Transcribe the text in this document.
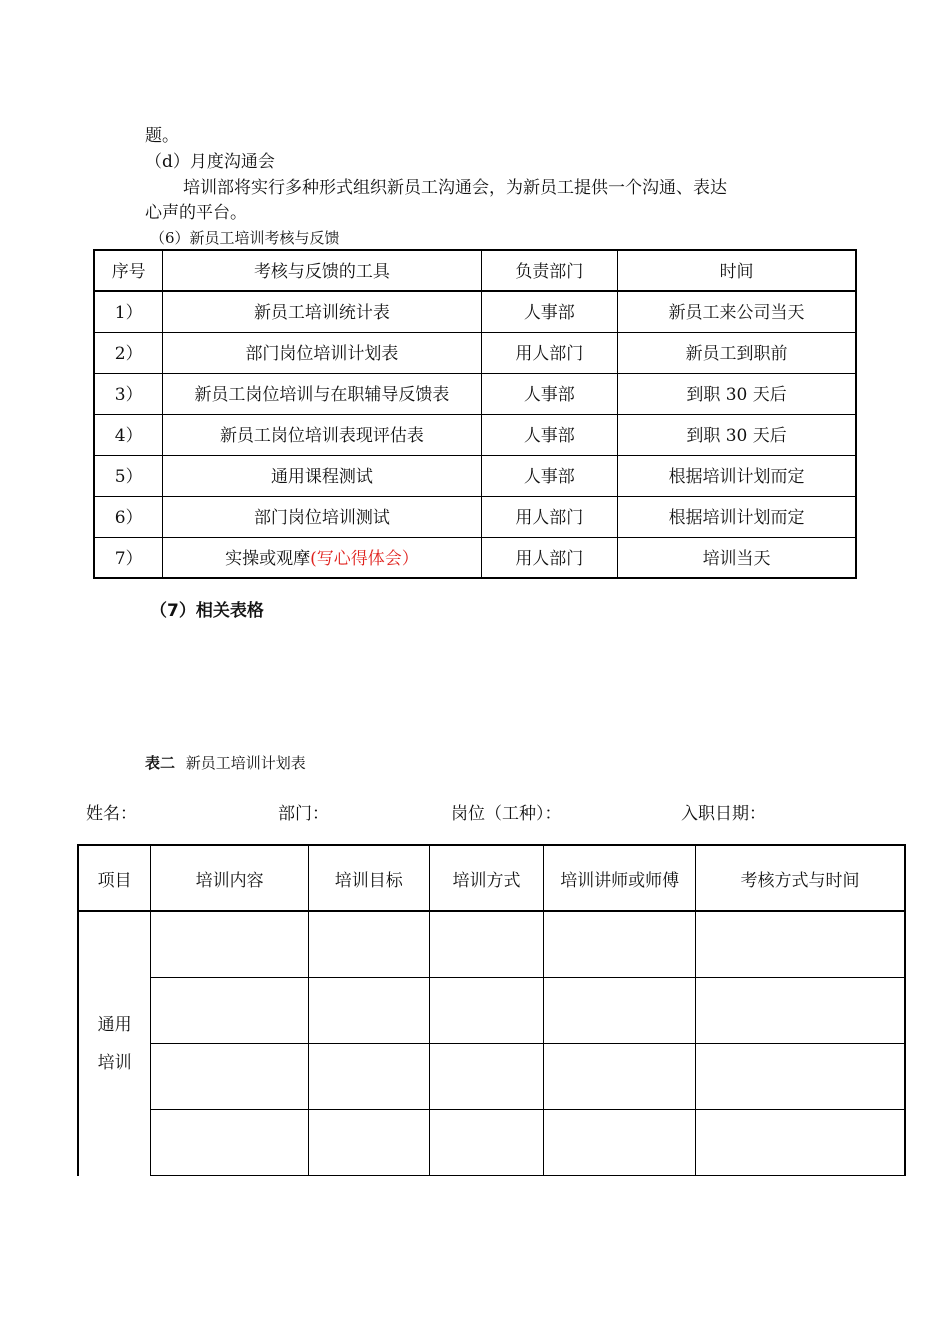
题。
（d）月度沟通会
培训部将实行多种形式组织新员工沟通会，为新员工提供一个沟通、表达
心声的平台。
（6）新员工培训考核与反馈
序号	考核与反馈的工具	负责部门	时间
1）	新员工培训统计表	人事部	新员工来公司当天
2）	部门岗位培训计划表	用人部门	新员工到职前
3）	新员工岗位培训与在职辅导反馈表	人事部	到职 30 天后
4）	新员工岗位培训表现评估表	人事部	到职 30 天后
5）	通用课程测试	人事部	根据培训计划而定
6）	部门岗位培训测试	用人部门	根据培训计划而定
7）	实操或观摩(写心得体会）	用人部门	培训当天
（7）相关表格
表二 新员工培训计划表
姓名：	部门：	岗位（工种）：	入职日期：
项目	培训内容	培训目标	培训方式	培训讲师或师傅	考核方式与时间

通用
培训					
